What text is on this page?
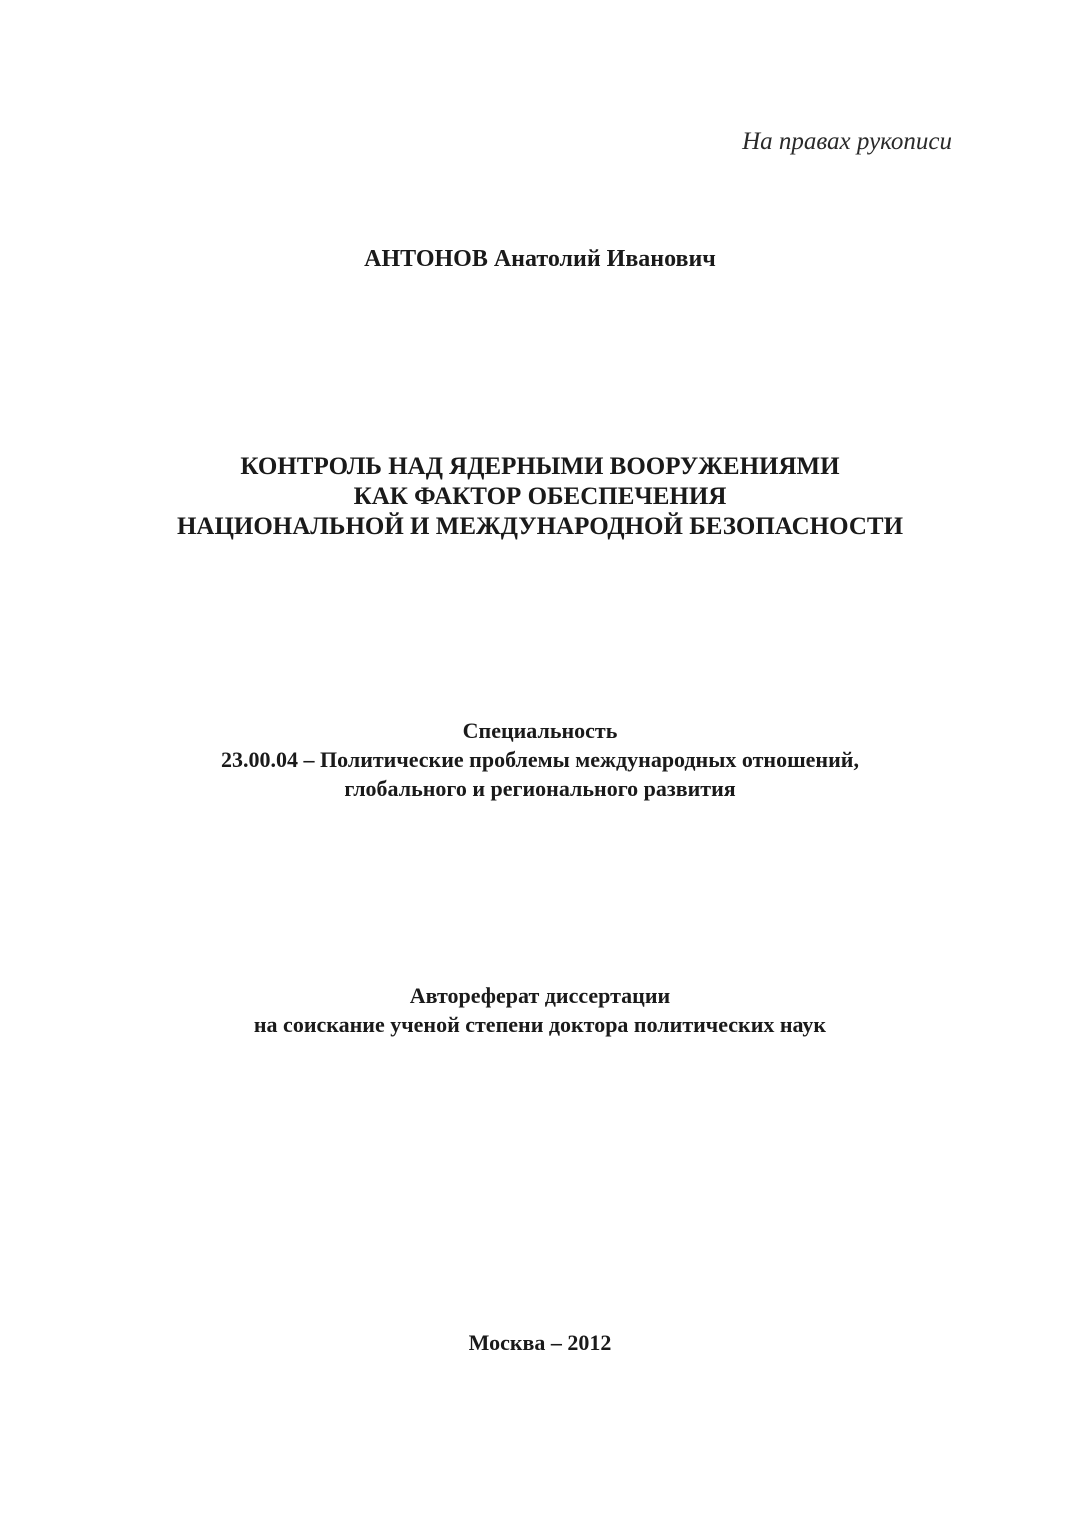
На правах рукописи
АНТОНОВ Анатолий Иванович
КОНТРОЛЬ НАД ЯДЕРНЫМИ ВООРУЖЕНИЯМИ
КАК ФАКТОР ОБЕСПЕЧЕНИЯ
НАЦИОНАЛЬНОЙ И МЕЖДУНАРОДНОЙ БЕЗОПАСНОСТИ
Специальность
23.00.04 – Политические проблемы международных отношений,
глобального и регионального развития
Автореферат диссертации
на соискание ученой степени доктора политических наук
Москва – 2012
